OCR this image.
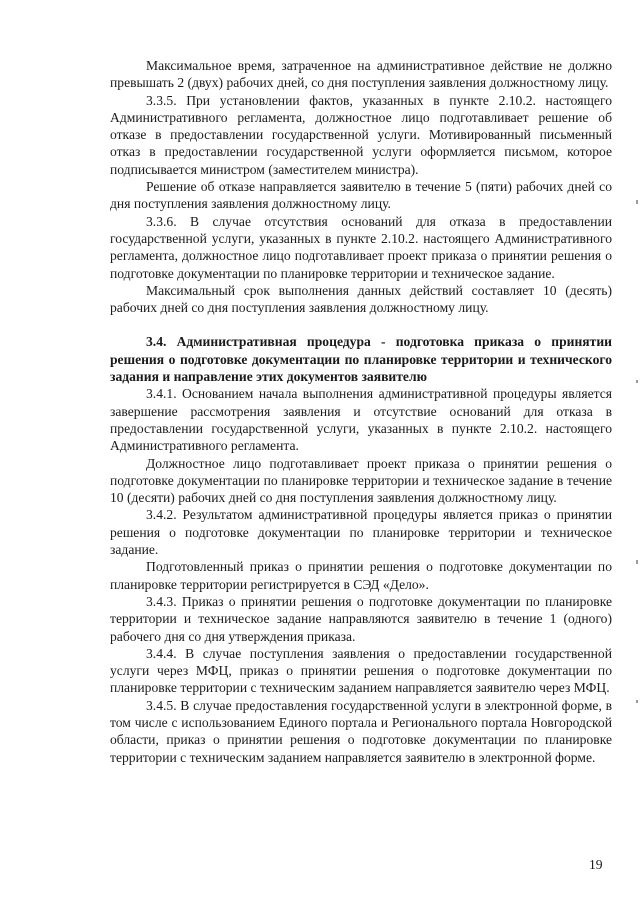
Максимальное время, затраченное на административное действие не должно превышать 2 (двух) рабочих дней, со дня поступления заявления должностному лицу.

3.3.5. При установлении фактов, указанных в пункте 2.10.2. настоящего Административного регламента, должностное лицо подготавливает решение об отказе в предоставлении государственной услуги. Мотивированный письменный отказ в предоставлении государственной услуги оформляется письмом, которое подписывается министром (заместителем министра).

Решение об отказе направляется заявителю в течение 5 (пяти) рабочих дней со дня поступления заявления должностному лицу.

3.3.6. В случае отсутствия оснований для отказа в предоставлении государственной услуги, указанных в пункте 2.10.2. настоящего Административного регламента, должностное лицо подготавливает проект приказа о принятии решения о подготовке документации по планировке территории и техническое задание.

Максимальный срок выполнения данных действий составляет 10 (десять) рабочих дней со дня поступления заявления должностному лицу.

3.4. Административная процедура - подготовка приказа о принятии решения о подготовке документации по планировке территории и технического задания и направление этих документов заявителю

3.4.1. Основанием начала выполнения административной процедуры является завершение рассмотрения заявления и отсутствие оснований для отказа в предоставлении государственной услуги, указанных в пункте 2.10.2. настоящего Административного регламента.

Должностное лицо подготавливает проект приказа о принятии решения о подготовке документации по планировке территории и техническое задание в течение 10 (десяти) рабочих дней со дня поступления заявления должностному лицу.

3.4.2. Результатом административной процедуры является приказ о принятии решения о подготовке документации по планировке территории и техническое задание.

Подготовленный приказ о принятии решения о подготовке документации по планировке территории регистрируется в СЭД «Дело».

3.4.3. Приказ о принятии решения о подготовке документации по планировке территории и техническое задание направляются заявителю в течение 1 (одного) рабочего дня со дня утверждения приказа.

3.4.4. В случае поступления заявления о предоставлении государственной услуги через МФЦ, приказ о принятии решения о подготовке документации по планировке территории с техническим заданием направляется заявителю через МФЦ.

3.4.5. В случае предоставления государственной услуги в электронной форме, в том числе с использованием Единого портала и Регионального портала Новгородской области, приказ о принятии решения о подготовке документации по планировке территории с техническим заданием направляется заявителю в электронной форме.

19
